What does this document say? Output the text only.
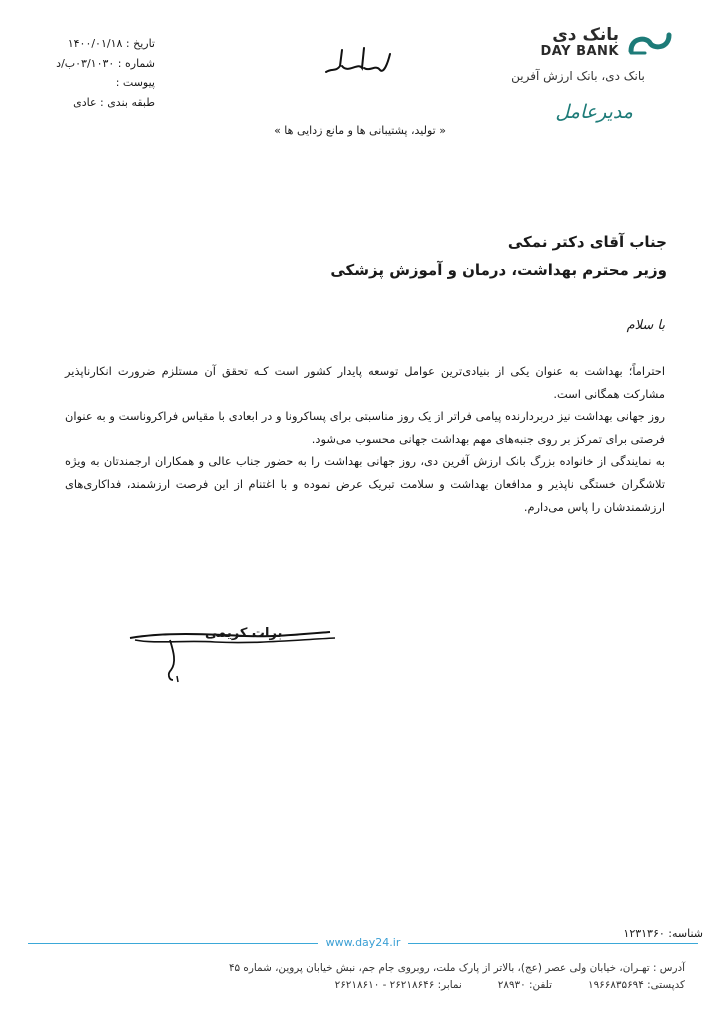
بانک دی
DAY BANK
بانک دی، بانک ارزش آفرین
مدیرعامل
« تولید، پشتیبانی ها و مانع زدایی ها »
تاریخ : ۱۴۰۰/۰۱/۱۸
شماره : ۰۳/۱۰۳۰ب/د
پیوست :
طبقه بندی : عادی
جناب آقای دکتر نمکی
وزیر محترم بهداشت، درمان و آموزش پزشکی
با سلام

احتراماً؛ بهداشت به عنوان یکی از بنیادی‌ترین عوامل توسعه پایدار کشور است کـه تحقق آن مستلزم ضرورت انکارناپذیر مشارکت همگانی است.

روز جهانی بهداشت نیز دربردارنده پیامی فراتر از یک روز مناسبتی برای پساکرونا و در ابعادی با مقیاس فراکروناست و به عنوان فرصتی برای تمرکز بر روی جنبه‌های مهم بهداشت جهانی محسوب می‌شود.

به نمایندگی از خانواده بزرگ بانک ارزش آفرین دی، روز جهانی بهداشت را به حضور جناب عالی و همکاران ارجمندتان به ویژه تلاشگران خستگی ناپذیر و مدافعان بهداشت و سلامت تبریک عرض نموده و با اغتنام از این فرصت ارزشمند، فداکاری‌های ارزشمندشان را پاس می‌دارم.

برات کریمی
شناسه: ۱۲۳۱۳۶۰
www.day24.ir
آدرس : تهـران، خیابان ولی عصر (عج)، بالاتر از پارک ملت، روبروی جام جم، نبش خیابان پروین، شماره ۴۵
کدپستی: ۱۹۶۶۸۳۵۶۹۴
تلفن: ۲۸۹۳۰
نمابر: ۲۶۲۱۸۶۴۶ - ۲۶۲۱۸۶۱۰
